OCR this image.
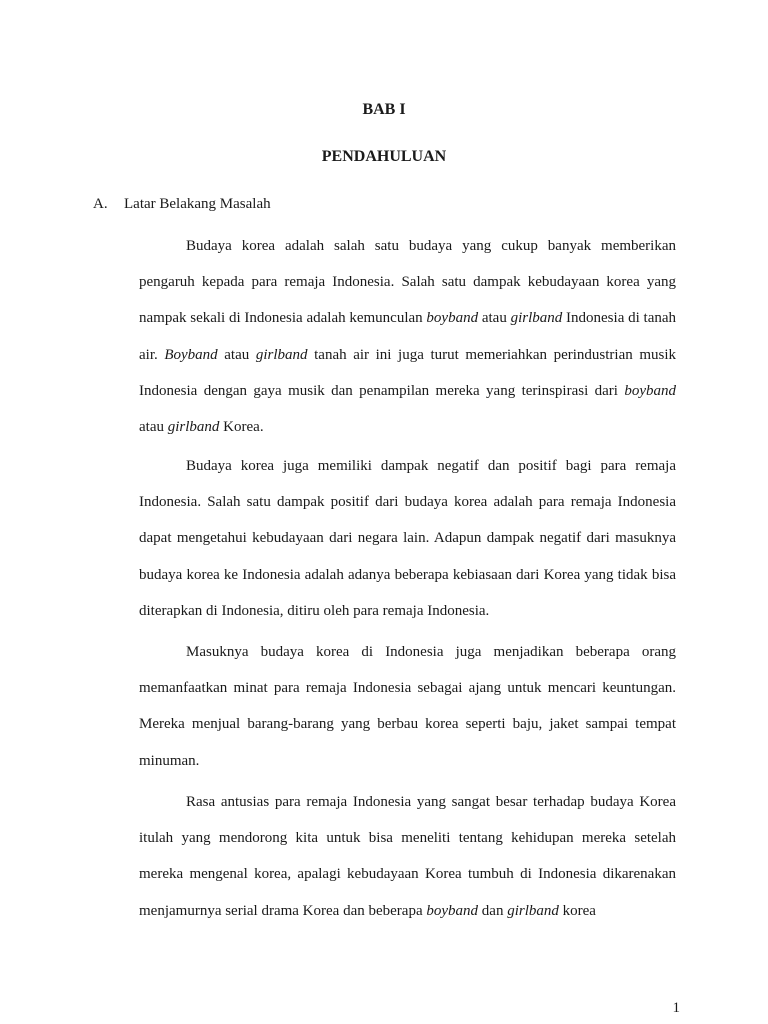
BAB I
PENDAHULUAN
A. Latar Belakang Masalah

Budaya korea adalah salah satu budaya yang cukup banyak memberikan pengaruh kepada para remaja Indonesia. Salah satu dampak kebudayaan korea yang nampak sekali di Indonesia adalah kemunculan boyband atau girlband Indonesia di tanah air. Boyband atau girlband tanah air ini juga turut memeriahkan perindustrian musik Indonesia dengan gaya musik dan penampilan mereka yang terinspirasi dari boyband atau girlband Korea.

Budaya korea juga memiliki dampak negatif dan positif bagi para remaja Indonesia. Salah satu dampak positif dari budaya korea adalah para remaja Indonesia dapat mengetahui kebudayaan dari negara lain. Adapun dampak negatif dari masuknya budaya korea ke Indonesia adalah adanya beberapa kebiasaan dari Korea yang tidak bisa diterapkan di Indonesia, ditiru oleh para remaja Indonesia.

Masuknya budaya korea di Indonesia juga menjadikan beberapa orang memanfaatkan minat para remaja Indonesia sebagai ajang untuk mencari keuntungan. Mereka menjual barang-barang yang berbau korea seperti baju, jaket sampai tempat minuman.

Rasa antusias para remaja Indonesia yang sangat besar terhadap budaya Korea itulah yang mendorong kita untuk bisa meneliti tentang kehidupan mereka setelah mereka mengenal korea, apalagi kebudayaan Korea tumbuh di Indonesia dikarenakan menjamurnya serial drama Korea dan beberapa boyband dan girlband korea

1
